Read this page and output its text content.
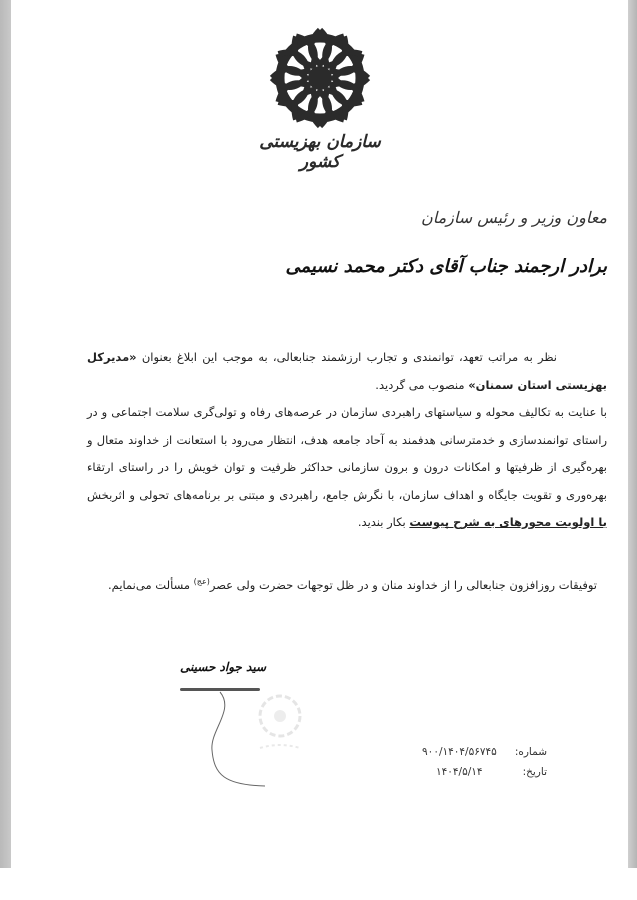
سازمان بهزیستی کشور
معاون وزیر و رئیس سازمان
برادر ارجمند جناب آقای دکتر محمد نسیمی

نظر به مراتب تعهد، توانمندی و تجارب ارزشمند جنابعالی، به موجب این ابلاغ بعنوان «مدیرکل بهزیستی استان سمنان» منصوب می گردید.

با عنایت به تکالیف محوله و سیاستهای راهبردی سازمان در عرصه‌های رفاه و تولی‌گری سلامت اجتماعی و در راستای توانمندسازی و خدمترسانی هدفمند به آحاد جامعه هدف، انتظار می‌رود با استعانت از خداوند متعال و بهره‌گیری از ظرفیتها و امکانات درون و برون سازمانی حداکثر ظرفیت و توان خویش را در راستای ارتقاء بهره‌وری و تقویت جایگاه و اهداف سازمان، با نگرش جامع، راهبردی و مبتنی بر برنامه‌های تحولی و اثربخش با اولویت محورهای به شرح پیوست بکار بندید.

توفیقات روزافزون جنابعالی را از خداوند منان و در ظل توجهات حضرت ولی عصر$^{(عج)}$ مسألت می‌نمایم.
سید جواد حسینی
شماره:
۹۰۰/۱۴۰۴/۵۶۷۴۵
تاریخ:
۱۴۰۴/۵/۱۴
